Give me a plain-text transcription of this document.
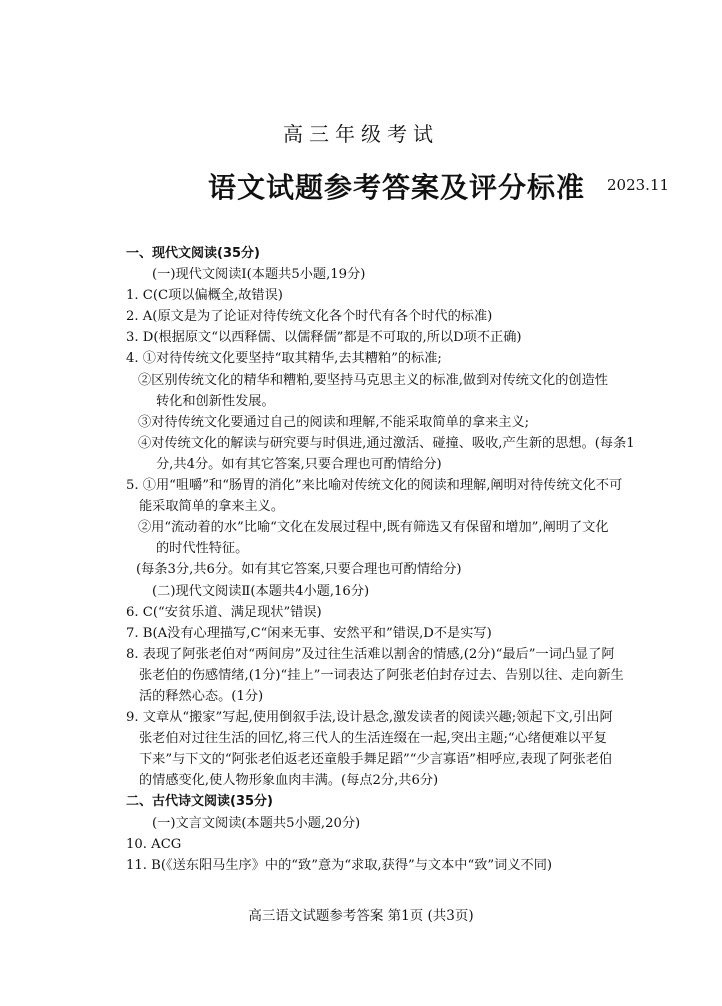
高三年级考试
语文试题参考答案及评分标准 2023.11
一、现代文阅读(35分)
(一)现代文阅读Ⅰ(本题共5小题,19分)
1. C(C项以偏概全,故错误)
2. A(原文是为了论证对待传统文化各个时代有各个时代的标准)
3. D(根据原文“以西释儒、以儒释儒”都是不可取的,所以D项不正确)
4. ①对待传统文化要坚持“取其精华,去其糟粕”的标准;
②区别传统文化的精华和糟粕,要坚持马克思主义的标准,做到对传统文化的创造性
转化和创新性发展。
③对待传统文化要通过自己的阅读和理解,不能采取简单的拿来主义;
④对传统文化的解读与研究要与时俱进,通过激活、碰撞、吸收,产生新的思想。(每条1
分,共4分。如有其它答案,只要合理也可酌情给分)
5. ①用“咀嚼”和“肠胃的消化”来比喻对传统文化的阅读和理解,阐明对待传统文化不可
能采取简单的拿来主义。
②用“流动着的水”比喻“文化在发展过程中,既有筛选又有保留和增加”,阐明了文化
的时代性特征。
(每条3分,共6分。如有其它答案,只要合理也可酌情给分)
(二)现代文阅读Ⅱ(本题共4小题,16分)
6. C(“安贫乐道、满足现状”错误)
7. B(A没有心理描写,C“闲来无事、安然平和”错误,D不是实写)
8. 表现了阿张老伯对“两间房”及过往生活难以割舍的情感,(2分)“最后”一词凸显了阿
张老伯的伤感情绪,(1分)“挂上”一词表达了阿张老伯封存过去、告别以往、走向新生
活的释然心态。(1分)
9. 文章从“搬家”写起,使用倒叙手法,设计悬念,激发读者的阅读兴趣;领起下文,引出阿
张老伯对过往生活的回忆,将三代人的生活连缀在一起,突出主题;“心绪便难以平复
下来”与下文的“阿张老伯返老还童般手舞足蹈”“少言寡语”相呼应,表现了阿张老伯
的情感变化,使人物形象血肉丰满。(每点2分,共6分)
二、古代诗文阅读(35分)
(一)文言文阅读(本题共5小题,20分)
10. ACG
11. B(《送东阳马生序》中的“致”意为“求取,获得”与文本中“致”词义不同)
高三语文试题参考答案 第1页 (共3页)
